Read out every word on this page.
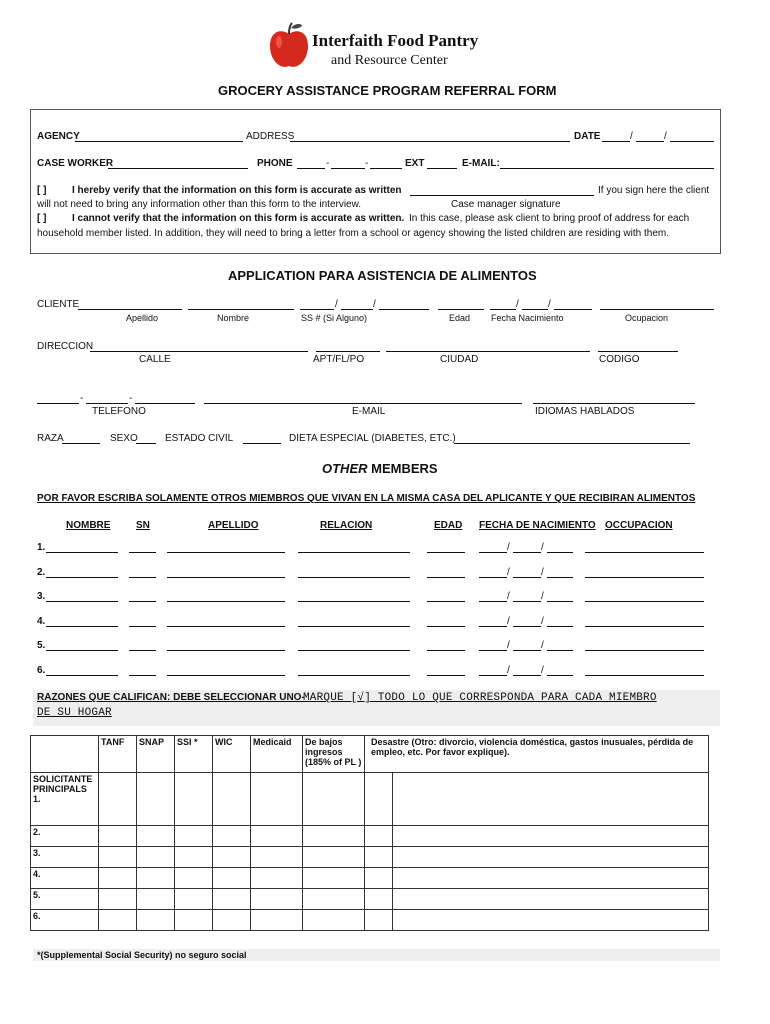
Interfaith Food Pantry
and Resource Center
GROCERY ASSISTANCE PROGRAM REFERRAL FORM
AGENCY	ADDRESS	DATE	/	/
CASE WORKER	PHONE	-	-	EXT	E-MAIL:
[ ]	I hereby verify that the information on this form is accurate as written	If you sign here the client
will not need to bring any information other than this form to the interview.	Case manager signature
[ ]	I cannot verify that the information on this form is accurate as written. In this case, please ask client to bring proof of address for each
household member listed. In addition, they will need to bring a letter from a school or agency showing the listed children are residing with them.
APPLICATION PARA ASISTENCIA DE ALIMENTOS
CLIENTE	/	/	/	/
Apellido	Nombre	SS # (Si Alguno)	Edad Fecha Nacimiento	Ocupacion
DIRECCION
CALLE	APT/FL/PO	CIUDAD	CODIGO
-	-
TELEFONO	E-MAIL	IDIOMAS HABLADOS
RAZA	SEXO	ESTADO CIVIL	DIETA ESPECIAL (DIABETES, ETC.)
OTHER MEMBERS
POR FAVOR ESCRIBA SOLAMENTE OTROS MIEMBROS QUE VIVAN EN LA MISMA CASA DEL APLICANTE Y QUE RECIBIRAN ALIMENTOS
NOMBRE	SN	APELLIDO	RELACION	EDAD FECHA DE NACIMIENTO OCCUPACION
1.	/	/
2.	/	/
3.	/	/
4.	/	/
5.	/	/
6.	/	/
RAZONES QUE CALIFICAN: DEBE SELECCIONAR UNO-
MARQUE [√] TODO LO QUE CORRESPONDA PARA CADA MIEMBRO
DE SU HOGAR
	TANF	SNAP	SSI *	WIC	Medicaid	De bajos
ingresos
(185% of PL )	Desastre (Otro: divorcio, violencia doméstica, gastos inusuales, pérdida de empleo, etc. Por favor explique).	

SOLICITANTE
PRINCIPALS
1.								

2.								
3.								
4.								
5.								
6.								
*(Supplemental Social Security) no seguro social
